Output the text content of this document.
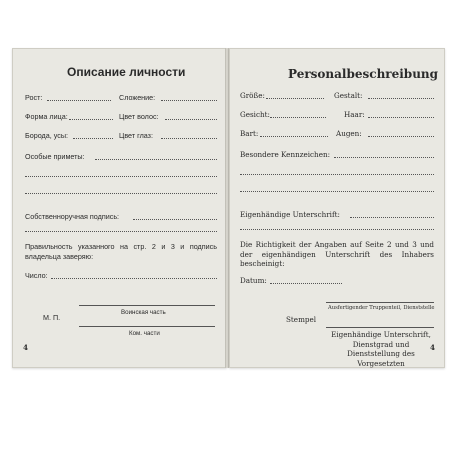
Описание личности
Рост:	Сложение:
Форма лица:	Цвет волос:
Борода, усы:	Цвет глаз:
Особые приметы:
Собственноручная подпись:
Правильность указанного на стр. 2 и 3 и подпись владельца заверяю:
Число:
Воинская часть
М. П.
Ком. части
4
Personalbeschreibung
Größe:	Gestalt:
Gesicht:	Haar:
Bart:	Augen:
Besondere Kennzeichen:
Eigenhändige Unterschrift:
Die Richtigkeit der Angaben auf Seite 2 und 3 und der eigenhändigen Unterschrift des Inhabers bescheinigt:
Datum:
Ausfertigender Truppenteil, Dienststelle
Stempel
Eigenhändige Unterschrift, Dienstgrad und Dienststellung des Vorgesetzten
4
